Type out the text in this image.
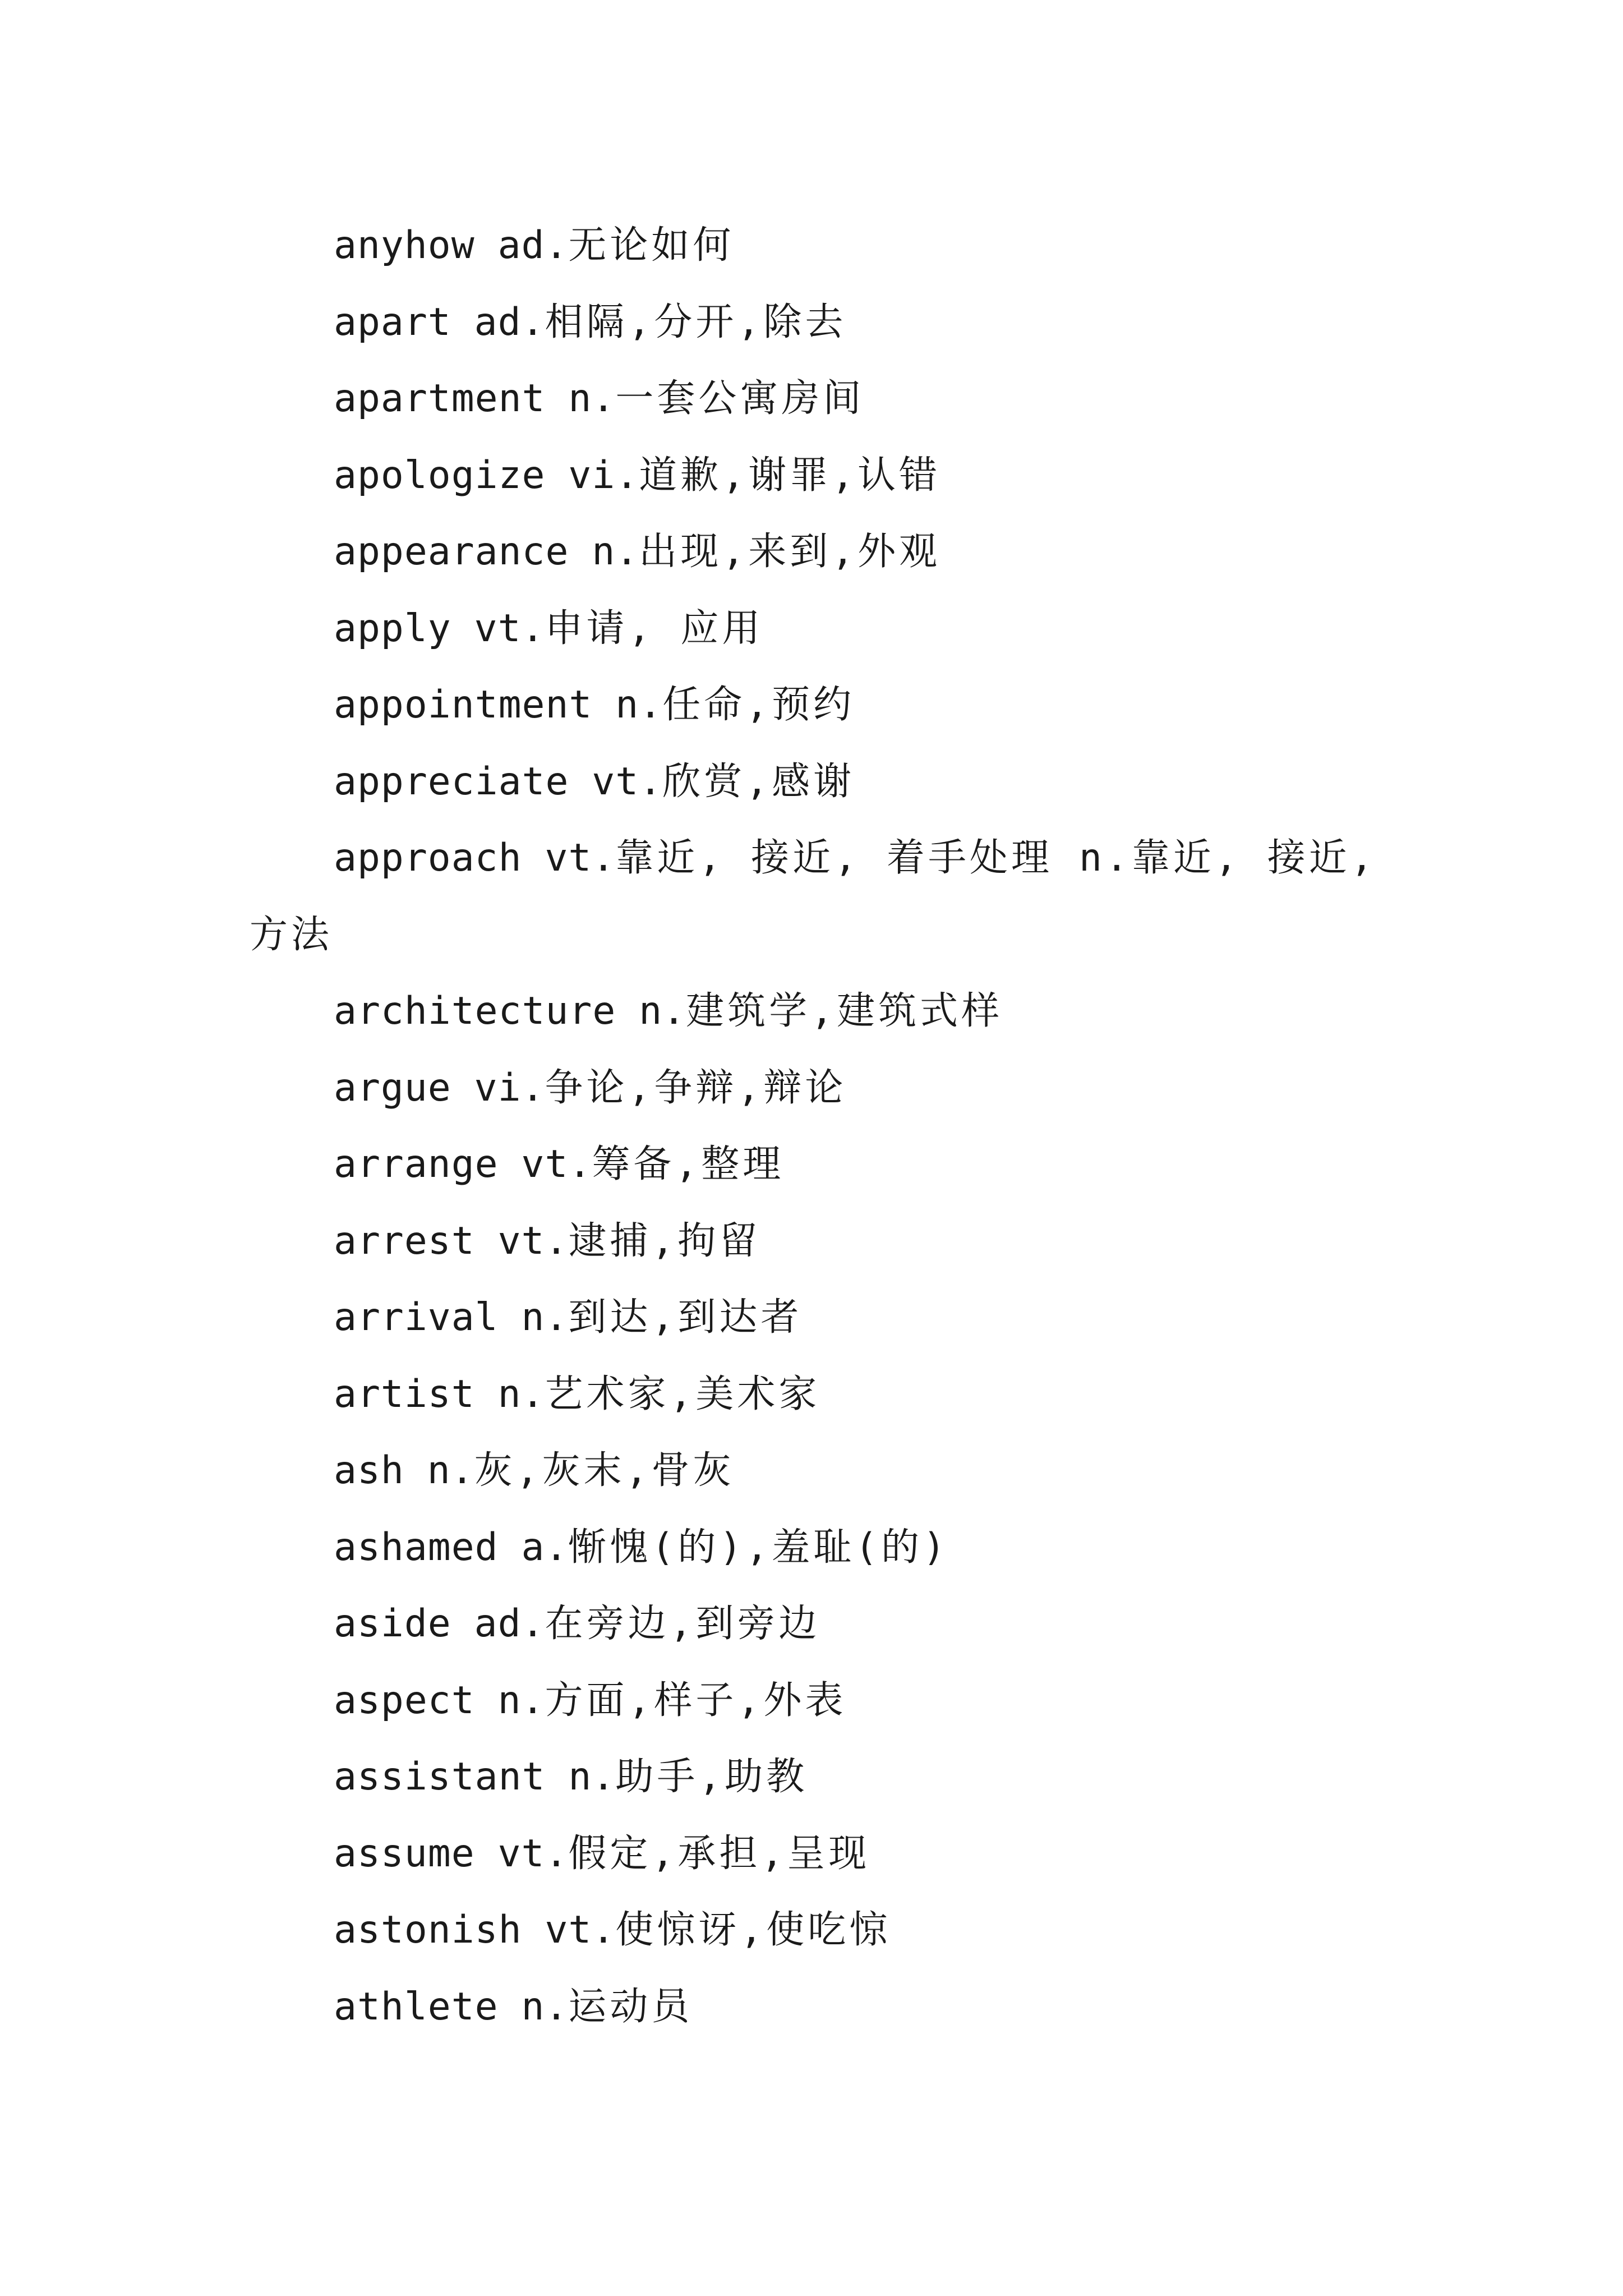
anyhow ad.无论如何
apart ad.相隔,分开,除去
apartment n.一套公寓房间
apologize vi.道歉,谢罪,认错
appearance n.出现,来到,外观
apply vt.申请, 应用
appointment n.任命,预约
appreciate vt.欣赏,感谢
approach vt.靠近, 接近, 着手处理 n.靠近, 接近, 方法
architecture n.建筑学,建筑式样
argue vi.争论,争辩,辩论
arrange vt.筹备,整理
arrest vt.逮捕,拘留
arrival n.到达,到达者
artist n.艺术家,美术家
ash n.灰,灰末,骨灰
ashamed a.惭愧(的),羞耻(的)
aside ad.在旁边,到旁边
aspect n.方面,样子,外表
assistant n.助手,助教
assume vt.假定,承担,呈现
astonish vt.使惊讶,使吃惊
athlete n.运动员
